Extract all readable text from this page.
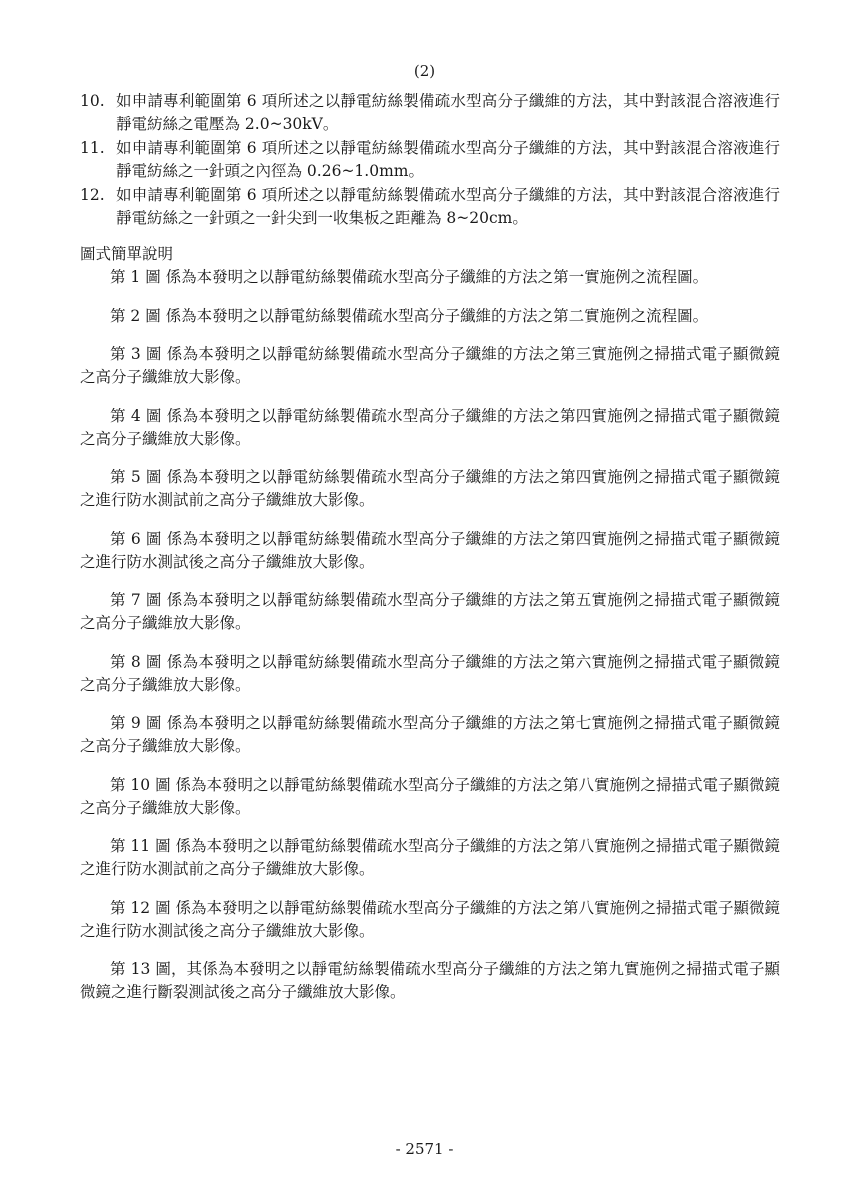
(2)
10. 如申請專利範圍第 6 項所述之以靜電紡絲製備疏水型高分子纖維的方法，其中對該混合溶液進行靜電紡絲之電壓為 2.0~30kV。
11. 如申請專利範圍第 6 項所述之以靜電紡絲製備疏水型高分子纖維的方法，其中對該混合溶液進行靜電紡絲之一針頭之內徑為 0.26~1.0mm。
12. 如申請專利範圍第 6 項所述之以靜電紡絲製備疏水型高分子纖維的方法，其中對該混合溶液進行靜電紡絲之一針頭之一針尖到一收集板之距離為 8~20cm。
圖式簡單說明

第 1 圖 係為本發明之以靜電紡絲製備疏水型高分子纖維的方法之第一實施例之流程圖。

第 2 圖 係為本發明之以靜電紡絲製備疏水型高分子纖維的方法之第二實施例之流程圖。

第 3 圖 係為本發明之以靜電紡絲製備疏水型高分子纖維的方法之第三實施例之掃描式電子顯微鏡之高分子纖維放大影像。

第 4 圖 係為本發明之以靜電紡絲製備疏水型高分子纖維的方法之第四實施例之掃描式電子顯微鏡之高分子纖維放大影像。

第 5 圖 係為本發明之以靜電紡絲製備疏水型高分子纖維的方法之第四實施例之掃描式電子顯微鏡之進行防水測試前之高分子纖維放大影像。

第 6 圖 係為本發明之以靜電紡絲製備疏水型高分子纖維的方法之第四實施例之掃描式電子顯微鏡之進行防水測試後之高分子纖維放大影像。

第 7 圖 係為本發明之以靜電紡絲製備疏水型高分子纖維的方法之第五實施例之掃描式電子顯微鏡之高分子纖維放大影像。

第 8 圖 係為本發明之以靜電紡絲製備疏水型高分子纖維的方法之第六實施例之掃描式電子顯微鏡之高分子纖維放大影像。

第 9 圖 係為本發明之以靜電紡絲製備疏水型高分子纖維的方法之第七實施例之掃描式電子顯微鏡之高分子纖維放大影像。

第 10 圖 係為本發明之以靜電紡絲製備疏水型高分子纖維的方法之第八實施例之掃描式電子顯微鏡之高分子纖維放大影像。

第 11 圖 係為本發明之以靜電紡絲製備疏水型高分子纖維的方法之第八實施例之掃描式電子顯微鏡之進行防水測試前之高分子纖維放大影像。

第 12 圖 係為本發明之以靜電紡絲製備疏水型高分子纖維的方法之第八實施例之掃描式電子顯微鏡之進行防水測試後之高分子纖維放大影像。

第 13 圖，其係為本發明之以靜電紡絲製備疏水型高分子纖維的方法之第九實施例之掃描式電子顯微鏡之進行斷裂測試後之高分子纖維放大影像。

- 2571 -
